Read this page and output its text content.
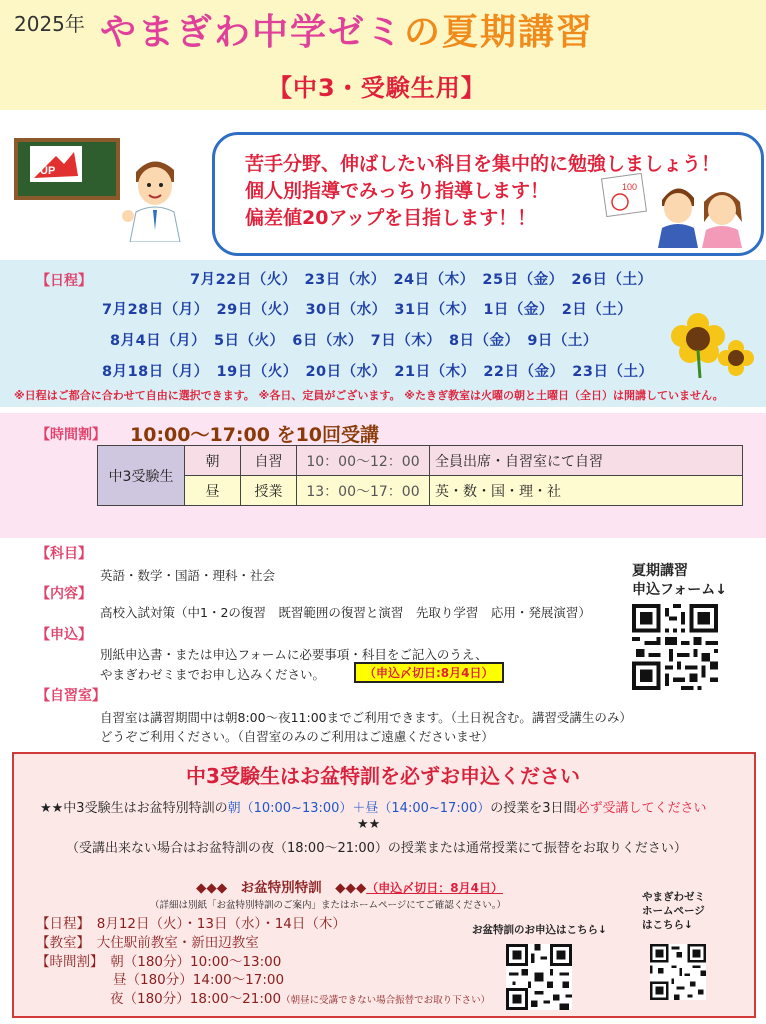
2025年 やまぎわ中学ゼミの夏期講習
【中3・受験生用】
UP	苦手分野、伸ばしたい科目を集中的に勉強しましょう！
個人別指導でみっちり指導します！
偏差値20アップを目指します！！
100
【日程】	7月22日（火）　 23日（水）　 24日（木）　 25日（金）　 26日（土）
7月28日（月）　 29日（火）　 30日（水）　 31日（木）　 1日（金）　 2日（土）
8月4日（月）　 5日（火）　 6日（水）　 7日（木）　 8日（金）　 9日（土）
8月18日（月）　 19日（火）　 20日（水）　 21日（木）　 22日（金）　 23日（土）
※日程はご都合に合わせて自由に選択できます。 ※各日、定員がございます。 ※たきぎ教室は火曜の朝と土曜日（全日）は開講していません。
【時間割】 10:00～17:00 を10回受講
中3受験生	朝	自習	10：00～12：00	全員出席・自習室にて自習
	昼	授業	13：00～17：00	英・数・国・理・社
【科目】
英語・数学・国語・理科・社会
【内容】
高校入試対策（中1・2の復習　既習範囲の復習と演習　先取り学習　応用・発展演習）
【申込】
別紙申込書・または申込フォームに必要事項・科目をご記入のうえ、
やまぎわゼミまでお申し込みください。	（申込〆切日:8月4日）
【自習室】
自習室は講習期間中は朝8:00～夜11:00までご利用できます。（土日祝含む。講習受講生のみ）
どうぞご利用ください。（自習室のみのご利用はご遠慮くださいませ）
夏期講習
申込フォーム↓
中3受験生はお盆特訓を必ずお申込ください
★★中3受験生はお盆特別特訓の朝（10:00~13:00）＋昼（14:00~17:00）の授業を3日間必ず受講してください
★★
（受講出来ない場合はお盆特訓の夜（18:00～21:00）の授業または通常授業にて振替をお取りください）
◆◆◆　お盆特別特訓　◆◆◆（申込〆切日：8月4日）
（詳細は別紙「お盆特別特訓のご案内」またはホームページにてご確認ください。）
【日程】　 8月12日（火）・13日（水）・14日（木）
【教室】　 大住駅前教室・新田辺教室
【時間割】　 朝（180分）10:00～13:00
昼（180分）14:00～17:00
夜（180分）18:00～21:00（朝昼に受講できない場合振替でお取り下さい）
お盆特訓のお申込はこちら↓
やまぎわゼミ
ホームページ
はこちら↓
